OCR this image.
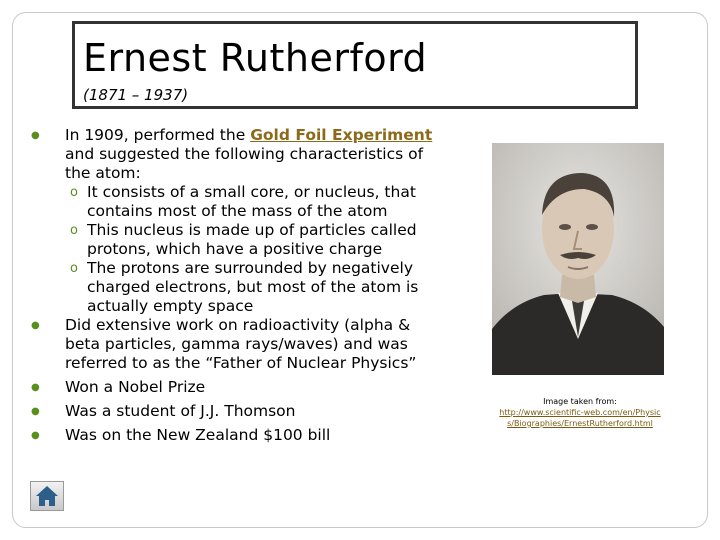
Ernest Rutherford
(1871 – 1937)
● In 1909, performed the Gold Foil Experiment and suggested the following characteristics of the atom:
o It consists of a small core, or nucleus, that contains most of the mass of the atom
o This nucleus is made up of particles called protons, which have a positive charge
o The protons are surrounded by negatively charged electrons, but most of the atom is actually empty space
● Did extensive work on radioactivity (alpha & beta particles, gamma rays/waves) and was referred to as the “Father of Nuclear Physics”
● Won a Nobel Prize
● Was a student of J.J. Thomson
● Was on the New Zealand $100 bill
Image taken from:
http://www.scientific-web.com/en/Physics/Biographies/ErnestRutherford.html
